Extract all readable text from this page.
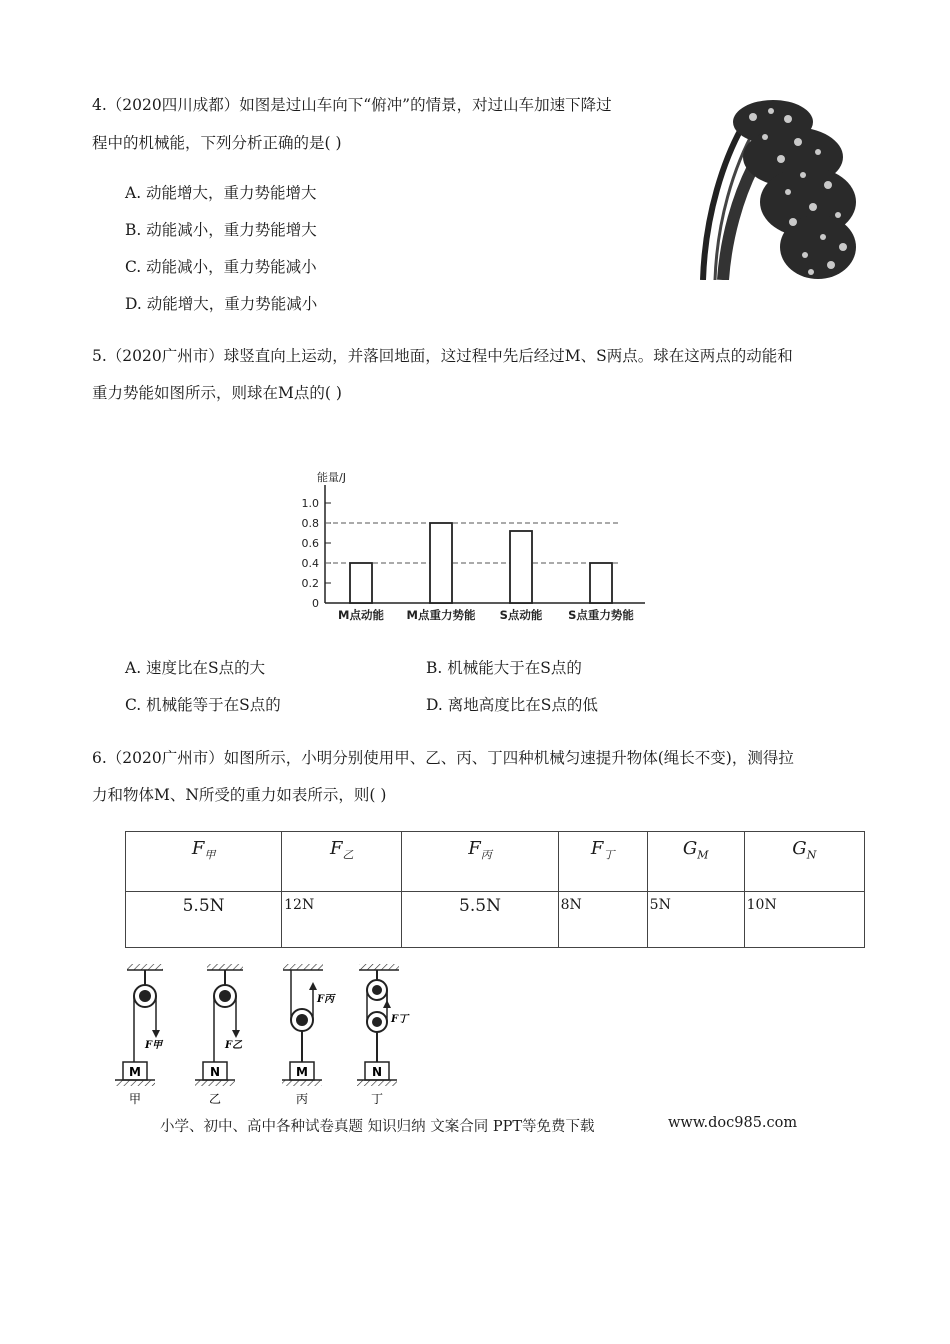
4.（2020四川成都）如图是过山车向下“俯冲”的情景，对过山车加速下降过
程中的机械能，下列分析正确的是( )
A. 动能增大，重力势能增大
B. 动能减小，重力势能增大
C. 动能减小，重力势能减小
D. 动能增大，重力势能减小
5.（2020广州市）球竖直向上运动，并落回地面，这过程中先后经过M、S两点。球在这两点的动能和
重力势能如图所示，则球在M点的( )
能量/J
0
0.2
0.4
0.6
0.8
1.0
M点动能 M点重力势能 S点动能 S点重力势能
A. 速度比在S点的大	B. 机械能大于在S点的
C. 机械能等于在S点的	D. 离地高度比在S点的低
6.（2020广州市）如图所示，小明分别使用甲、乙、丙、丁四种机械匀速提升物体(绳长不变)，测得拉
力和物体M、N所受的重力如表所示，则( )
$F_甲$	$F_乙$	$F_丙$	$F_丁$	$G_M$	$G_N$
5.5N	12N	5.5N	8N	5N	10N
F甲
M
甲
F乙
N
乙
F丙
M
丙
F丁
N
丁
小学、初中、高中各种试卷真题 知识归纳 文案合同 PPT等免费下载	www.doc985.com
